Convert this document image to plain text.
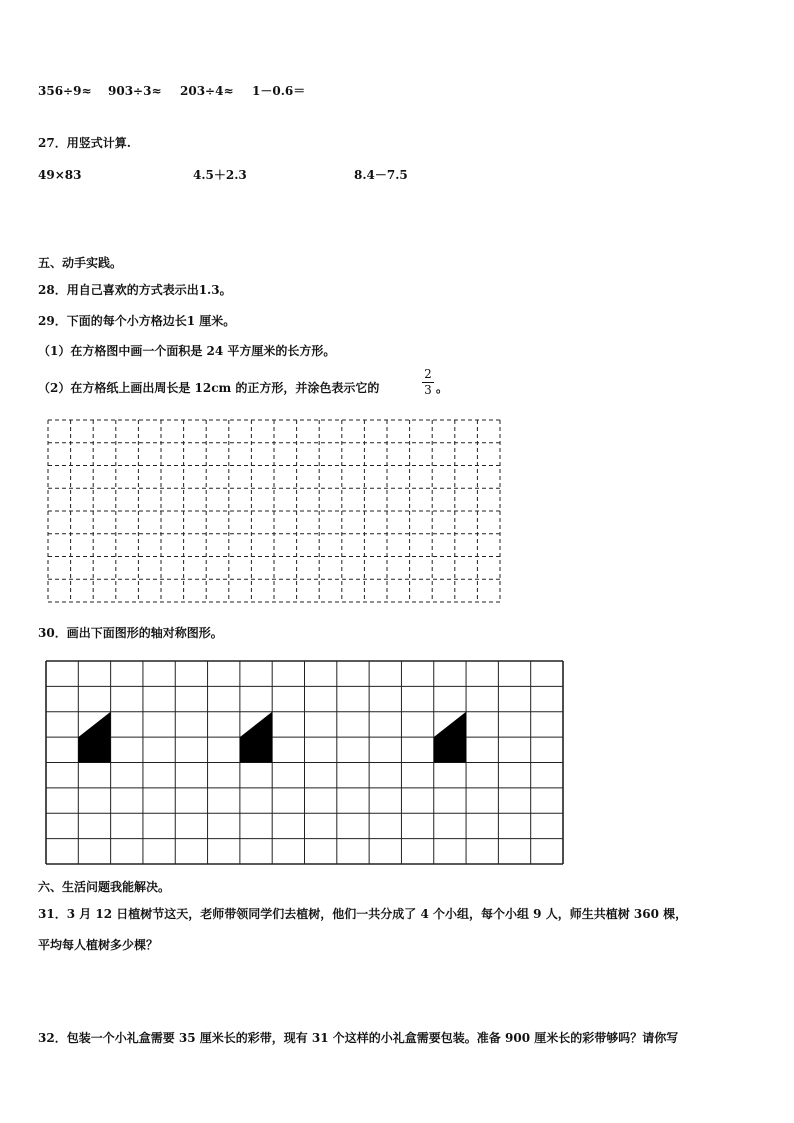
356÷9≈ 903÷3≈ 203÷4≈ 1－0.6＝
27．用竖式计算.
49×83	4.5＋2.3	8.4－7.5
五、动手实践。
28．用自己喜欢的方式表示出1.3。
29．下面的每个小方格边长1 厘米。
（1）在方格图中画一个面积是 24 平方厘米的长方形。
（2）在方格纸上画出周长是 12cm 的正方形，并涂色表示它的
2
3 。
30．画出下面图形的轴对称图形。
六、生活问题我能解决。
31．3 月 12 日植树节这天，老师带领同学们去植树，他们一共分成了 4 个小组，每个小组 9 人，师生共植树 360 棵，
平均每人植树多少棵？
32．包装一个小礼盒需要 35 厘米长的彩带，现有 31 个这样的小礼盒需要包装。准备 900 厘米长的彩带够吗？请你写
